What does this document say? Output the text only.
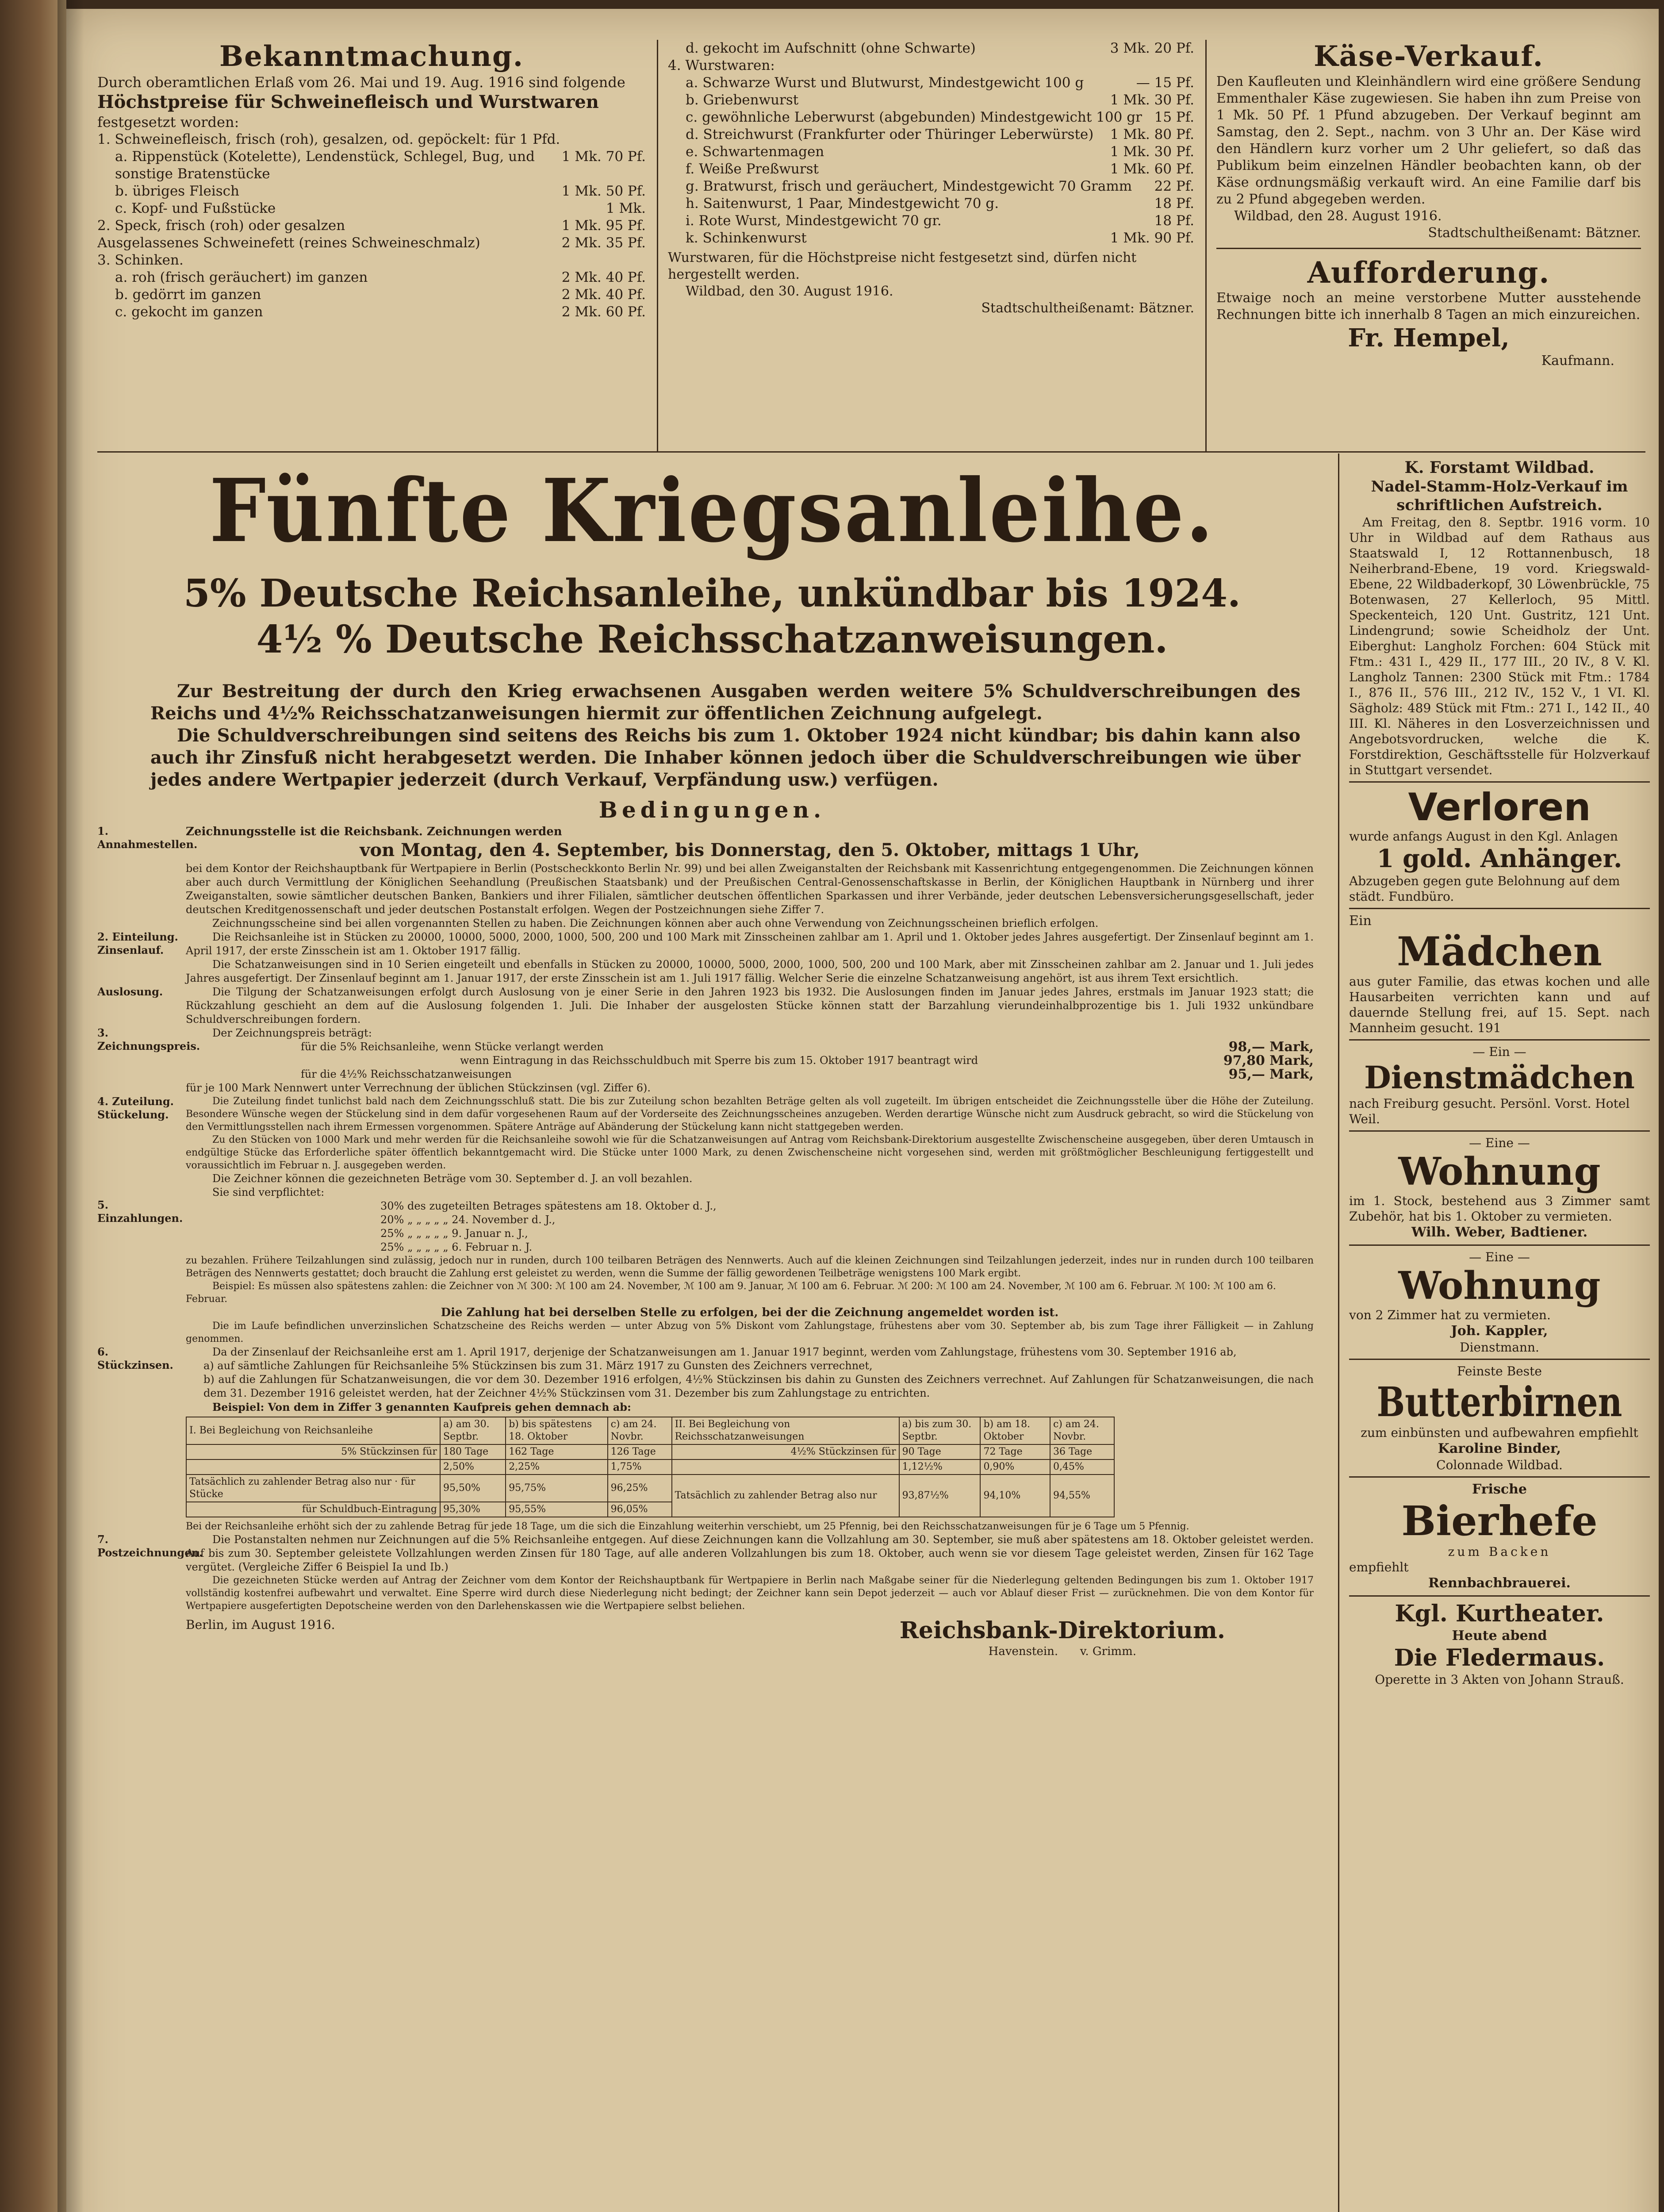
Bekanntmachung.

Durch oberamtlichen Erlaß vom 26. Mai und 19. Aug. 1916 sind folgende

Höchstpreise für Schweinefleisch und Wurstwaren

festgesetzt worden:

1. Schweinefleisch, frisch (roh), gesalzen, od. gepöckelt: für 1 Pfd.
a. Rippenstück (Kotelette), Lendenstück, Schlegel, Bug, und sonstige Bratenstücke
1 Mk. 70 Pf.
b. übriges Fleisch	1 Mk. 50 Pf.
c. Kopf- und Fußstücke	1 Mk.
2. Speck, frisch (roh) oder gesalzen	1 Mk. 95 Pf.
Ausgelassenes Schweinefett (reines Schweineschmalz)	2 Mk. 35 Pf.
3. Schinken.
a. roh (frisch geräuchert) im ganzen	2 Mk. 40 Pf.
b. gedörrt im ganzen	2 Mk. 40 Pf.
c. gekocht im ganzen	2 Mk. 60 Pf.
d. gekocht im Aufschnitt (ohne Schwarte)	3 Mk. 20 Pf.
4. Wurstwaren:
a. Schwarze Wurst und Blutwurst, Mindestgewicht 100 g	— 15 Pf.
b. Griebenwurst	1 Mk. 30 Pf.
c. gewöhnliche Leberwurst (abgebunden) Mindestgewicht 100 gr 15 Pf.
d. Streichwurst (Frankfurter oder Thüringer Leberwürste)	1 Mk. 80 Pf.
e. Schwartenmagen	1 Mk. 30 Pf.
f. Weiße Preßwurst	1 Mk. 60 Pf.
g. Bratwurst, frisch und geräuchert, Mindestgewicht 70 Gramm	22 Pf.
h. Saitenwurst, 1 Paar, Mindestgewicht 70 g.	18 Pf.
i. Rote Wurst, Mindestgewicht 70 gr.	18 Pf.
k. Schinkenwurst	1 Mk. 90 Pf.

Wurstwaren, für die Höchstpreise nicht festgesetzt sind, dürfen nicht hergestellt werden.

Wildbad, den 30. August 1916.

Stadtschultheißenamt: Bätzner.

Käse-Verkauf.

Den Kaufleuten und Kleinhändlern wird eine größere Sendung Emmenthaler Käse zugewiesen. Sie haben ihn zum Preise von 1 Mk. 50 Pf. 1 Pfund abzugeben. Der Verkauf beginnt am Samstag, den 2. Sept., nachm. von 3 Uhr an. Der Käse wird den Händlern kurz vorher um 2 Uhr geliefert, so daß das Publikum beim einzelnen Händler beobachten kann, ob der Käse ordnungsmäßig verkauft wird. An eine Familie darf bis zu 2 Pfund abgegeben werden.

Wildbad, den 28. August 1916.

Stadtschultheißenamt: Bätzner.

Aufforderung.

Etwaige noch an meine verstorbene Mutter ausstehende Rechnungen bitte ich innerhalb 8 Tagen an mich einzureichen.

Fr. Hempel,

Kaufmann.

Fünfte Kriegsanleihe.

5% Deutsche Reichsanleihe, unkündbar bis 1924.

4½ % Deutsche Reichsschatzanweisungen.

Zur Bestreitung der durch den Krieg erwachsenen Ausgaben werden weitere 5% Schuldverschreibungen des Reichs und 4½% Reichsschatzanweisungen hiermit zur öffentlichen Zeichnung aufgelegt.

Die Schuldverschreibungen sind seitens des Reichs bis zum 1. Oktober 1924 nicht kündbar; bis dahin kann also auch ihr Zinsfuß nicht herabgesetzt werden. Die Inhaber können jedoch über die Schuldverschreibungen wie über jedes andere Wertpapier jederzeit (durch Verkauf, Verpfändung usw.) verfügen.

Bedingungen.

1. Annahmestellen.

Zeichnungsstelle ist die Reichsbank. Zeichnungen werden

von Montag, den 4. September, bis Donnerstag, den 5. Oktober, mittags 1 Uhr,

bei dem Kontor der Reichshauptbank für Wertpapiere in Berlin (Postscheckkonto Berlin Nr. 99) und bei allen Zweiganstalten der Reichsbank mit Kassenrichtung entgegengenommen. Die Zeichnungen können aber auch durch Vermittlung der Königlichen Seehandlung (Preußischen Staatsbank) und der Preußischen Central-Genossenschaftskasse in Berlin, der Königlichen Hauptbank in Nürnberg und ihrer Zweiganstalten, sowie sämtlicher deutschen Banken, Bankiers und ihrer Filialen, sämtlicher deutschen öffentlichen Sparkassen und ihrer Verbände, jeder deutschen Lebensversicherungsgesellschaft, jeder deutschen Kreditgenossenschaft und jeder deutschen Postanstalt erfolgen. Wegen der Postzeichnungen siehe Ziffer 7.

Zeichnungsscheine sind bei allen vorgenannten Stellen zu haben. Die Zeichnungen können aber auch ohne Verwendung von Zeichnungsscheinen brieflich erfolgen.

2. Einteilung. Zinsenlauf.

Die Reichsanleihe ist in Stücken zu 20000, 10000, 5000, 2000, 1000, 500, 200 und 100 Mark mit Zinsscheinen zahlbar am 1. April und 1. Oktober jedes Jahres ausgefertigt. Der Zinsenlauf beginnt am 1. April 1917, der erste Zinsschein ist am 1. Oktober 1917 fällig.

Die Schatzanweisungen sind in 10 Serien eingeteilt und ebenfalls in Stücken zu 20000, 10000, 5000, 2000, 1000, 500, 200 und 100 Mark, aber mit Zinsscheinen zahlbar am 2. Januar und 1. Juli jedes Jahres ausgefertigt. Der Zinsenlauf beginnt am 1. Januar 1917, der erste Zinsschein ist am 1. Juli 1917 fällig. Welcher Serie die einzelne Schatzanweisung angehört, ist aus ihrem Text ersichtlich.

Auslosung.	Die Tilgung der Schatzanweisungen erfolgt durch Auslosung von je einer Serie in den Jahren 1923 bis 1932. Die Auslosungen finden im Januar jedes Jahres, erstmals im Januar 1923 statt; die Rückzahlung geschieht an dem auf die Auslosung folgenden 1. Juli. Die Inhaber der ausgelosten Stücke können statt der Barzahlung vierundeinhalbprozentige bis 1. Juli 1932 unkündbare Schuldverschreibungen fordern.

3. Zeichnungspreis.

Der Zeichnungspreis beträgt:

für die 5% Reichsanleihe, wenn Stücke verlangt werden	98,— Mark,
wenn Eintragung in das Reichsschuldbuch mit Sperre bis zum 15. Oktober 1917 beantragt wird	97,80 Mark,
für die 4½% Reichsschatzanweisungen	95,— Mark,

für je 100 Mark Nennwert unter Verrechnung der üblichen Stückzinsen (vgl. Ziffer 6).

4. Zuteilung. Stückelung.

Die Zuteilung findet tunlichst bald nach dem Zeichnungsschluß statt. Die bis zur Zuteilung schon bezahlten Beträge gelten als voll zugeteilt. Im übrigen entscheidet die Zeichnungsstelle über die Höhe der Zuteilung. Besondere Wünsche wegen der Stückelung sind in dem dafür vorgesehenen Raum auf der Vorderseite des Zeichnungsscheines anzugeben. Werden derartige Wünsche nicht zum Ausdruck gebracht, so wird die Stückelung von den Vermittlungsstellen nach ihrem Ermessen vorgenommen. Spätere Anträge auf Abänderung der Stückelung kann nicht stattgegeben werden.

Zu den Stücken von 1000 Mark und mehr werden für die Reichsanleihe sowohl wie für die Schatzanweisungen auf Antrag vom Reichsbank-Direktorium ausgestellte Zwischenscheine ausgegeben, über deren Umtausch in endgültige Stücke das Erforderliche später öffentlich bekanntgemacht wird. Die Stücke unter 1000 Mark, zu denen Zwischenscheine nicht vorgesehen sind, werden mit größtmöglicher Beschleunigung fertiggestellt und voraussichtlich im Februar n. J. ausgegeben werden.

5. Einzahlungen.

Die Zeichner können die gezeichneten Beträge vom 30. September d. J. an voll bezahlen.

Sie sind verpflichtet:

30% des zugeteilten Betrages spätestens am 18. Oktober d. J.,

20% „ „ „ „ „ 24. November d. J.,

25% „ „ „ „ „ 9. Januar n. J.,

25% „ „ „ „ „ 6. Februar n. J.

zu bezahlen. Frühere Teilzahlungen sind zulässig, jedoch nur in runden, durch 100 teilbaren Beträgen des Nennwerts. Auch auf die kleinen Zeichnungen sind Teilzahlungen jederzeit, indes nur in runden durch 100 teilbaren Beträgen des Nennwerts gestattet; doch braucht die Zahlung erst geleistet zu werden, wenn die Summe der fällig gewordenen Teilbeträge wenigstens 100 Mark ergibt.

Beispiel: Es müssen also spätestens zahlen: die Zeichner von ℳ 300: ℳ 100 am 24. November, ℳ 100 am 9. Januar, ℳ 100 am 6. Februar. ℳ 200: ℳ 100 am 24. November, ℳ 100 am 6. Februar. ℳ 100: ℳ 100 am 6. Februar.

Die Zahlung hat bei derselben Stelle zu erfolgen, bei der die Zeichnung angemeldet worden ist.

Die im Laufe befindlichen unverzinslichen Schatzscheine des Reichs werden — unter Abzug von 5% Diskont vom Zahlungstage, frühestens aber vom 30. September ab, bis zum Tage ihrer Fälligkeit — in Zahlung genommen.

6. Stückzinsen.

Da der Zinsenlauf der Reichsanleihe erst am 1. April 1917, derjenige der Schatzanweisungen am 1. Januar 1917 beginnt, werden vom Zahlungstage, frühestens vom 30. September 1916 ab,

a) auf sämtliche Zahlungen für Reichsanleihe 5% Stückzinsen bis zum 31. März 1917 zu Gunsten des Zeichners verrechnet,

b) auf die Zahlungen für Schatzanweisungen, die vor dem 30. Dezember 1916 erfolgen, 4½% Stückzinsen bis dahin zu Gunsten des Zeichners verrechnet. Auf Zahlungen für Schatzanweisungen, die nach dem 31. Dezember 1916 geleistet werden, hat der Zeichner 4½% Stückzinsen vom 31. Dezember bis zum Zahlungstage zu entrichten.

Beispiel: Von dem in Ziffer 3 genannten Kaufpreis gehen demnach ab:

I. Bei Begleichung von Reichsanleihe	a) am 30. Septbr.	b) bis spätestens 18. Oktober	c) am 24. Novbr.	II. Bei Begleichung von Reichsschatzanweisungen	a) bis zum 30. Septbr.	b) am 18. Oktober	c) am 24. Novbr.
5% Stückzinsen für	180 Tage	162 Tage	126 Tage	4½% Stückzinsen für	90 Tage	72 Tage	36 Tage
	2,50%	2,25%	1,75%		1,12½%	0,90%	0,45%
Tatsächlich zu zahlender Betrag also nur · für Stücke	95,50%	95,75%	96,25%	Tatsächlich zu zahlender Betrag also nur	93,87½%	94,10%	94,55%
für Schuldbuch-Eintragung	95,30%	95,55%	96,05%				

Bei der Reichsanleihe erhöht sich der zu zahlende Betrag für jede 18 Tage, um die sich die Einzahlung weiterhin verschiebt, um 25 Pfennig, bei den Reichsschatzanweisungen für je 6 Tage um 5 Pfennig.

7. Postzeichnungen.

Die Postanstalten nehmen nur Zeichnungen auf die 5% Reichsanleihe entgegen. Auf diese Zeichnungen kann die Vollzahlung am 30. September, sie muß aber spätestens am 18. Oktober geleistet werden. Auf bis zum 30. September geleistete Vollzahlungen werden Zinsen für 180 Tage, auf alle anderen Vollzahlungen bis zum 18. Oktober, auch wenn sie vor diesem Tage geleistet werden, Zinsen für 162 Tage vergütet. (Vergleiche Ziffer 6 Beispiel Ia und Ib.)

Die gezeichneten Stücke werden auf Antrag der Zeichner vom dem Kontor der Reichshauptbank für Wertpapiere in Berlin nach Maßgabe seiner für die Niederlegung geltenden Bedingungen bis zum 1. Oktober 1917 vollständig kostenfrei aufbewahrt und verwaltet. Eine Sperre wird durch diese Niederlegung nicht bedingt; der Zeichner kann sein Depot jederzeit — auch vor Ablauf dieser Frist — zurücknehmen. Die von dem Kontor für Wertpapiere ausgefertigten Depotscheine werden von den Darlehenskassen wie die Wertpapiere selbst beliehen.

Berlin, im August 1916.	Reichsbank-Direktorium.
Havenstein. v. Grimm.

K. Forstamt Wildbad.

Nadel-Stamm-Holz-Verkauf im schriftlichen Aufstreich.

Am Freitag, den 8. Septbr. 1916 vorm. 10 Uhr in Wildbad auf dem Rathaus aus Staatswald I, 12 Rottannenbusch, 18 Neiherbrand-Ebene, 19 vord. Kriegswald-Ebene, 22 Wildbaderkopf, 30 Löwenbrückle, 75 Botenwasen, 27 Kellerloch, 95 Mittl. Speckenteich, 120 Unt. Gustritz, 121 Unt. Lindengrund; sowie Scheidholz der Unt. Eiberghut: Langholz Forchen: 604 Stück mit Ftm.: 431 I., 429 II., 177 III., 20 IV., 8 V. Kl. Langholz Tannen: 2300 Stück mit Ftm.: 1784 I., 876 II., 576 III., 212 IV., 152 V., 1 VI. Kl. Sägholz: 489 Stück mit Ftm.: 271 I., 142 II., 40 III. Kl. Näheres in den Losverzeichnissen und Angebotsvordrucken, welche die K. Forstdirektion, Geschäftsstelle für Holzverkauf in Stuttgart versendet.

Verloren

wurde anfangs August in den Kgl. Anlagen

1 gold. Anhänger.

Abzugeben gegen gute Belohnung auf dem städt. Fundbüro.

Ein

Mädchen

aus guter Familie, das etwas kochen und alle Hausarbeiten verrichten kann und auf dauernde Stellung frei, auf 15. Sept. nach Mannheim gesucht. 191

— Ein —

Dienstmädchen

nach Freiburg gesucht. Persönl. Vorst. Hotel Weil.

— Eine —

Wohnung

im 1. Stock, bestehend aus 3 Zimmer samt Zubehör, hat bis 1. Oktober zu vermieten.

Wilh. Weber, Badtiener.

— Eine —

Wohnung

von 2 Zimmer hat zu vermieten.

Joh. Kappler,

Dienstmann.

Feinste Beste

Butterbirnen

zum einbünsten und aufbewahren empfiehlt

Karoline Binder,

Colonnade Wildbad.

Frische

Bierhefe

zum Backen

empfiehlt

Rennbachbrauerei.

Kgl. Kurtheater.

Heute abend

Die Fledermaus.

Operette in 3 Akten von Johann Strauß.
